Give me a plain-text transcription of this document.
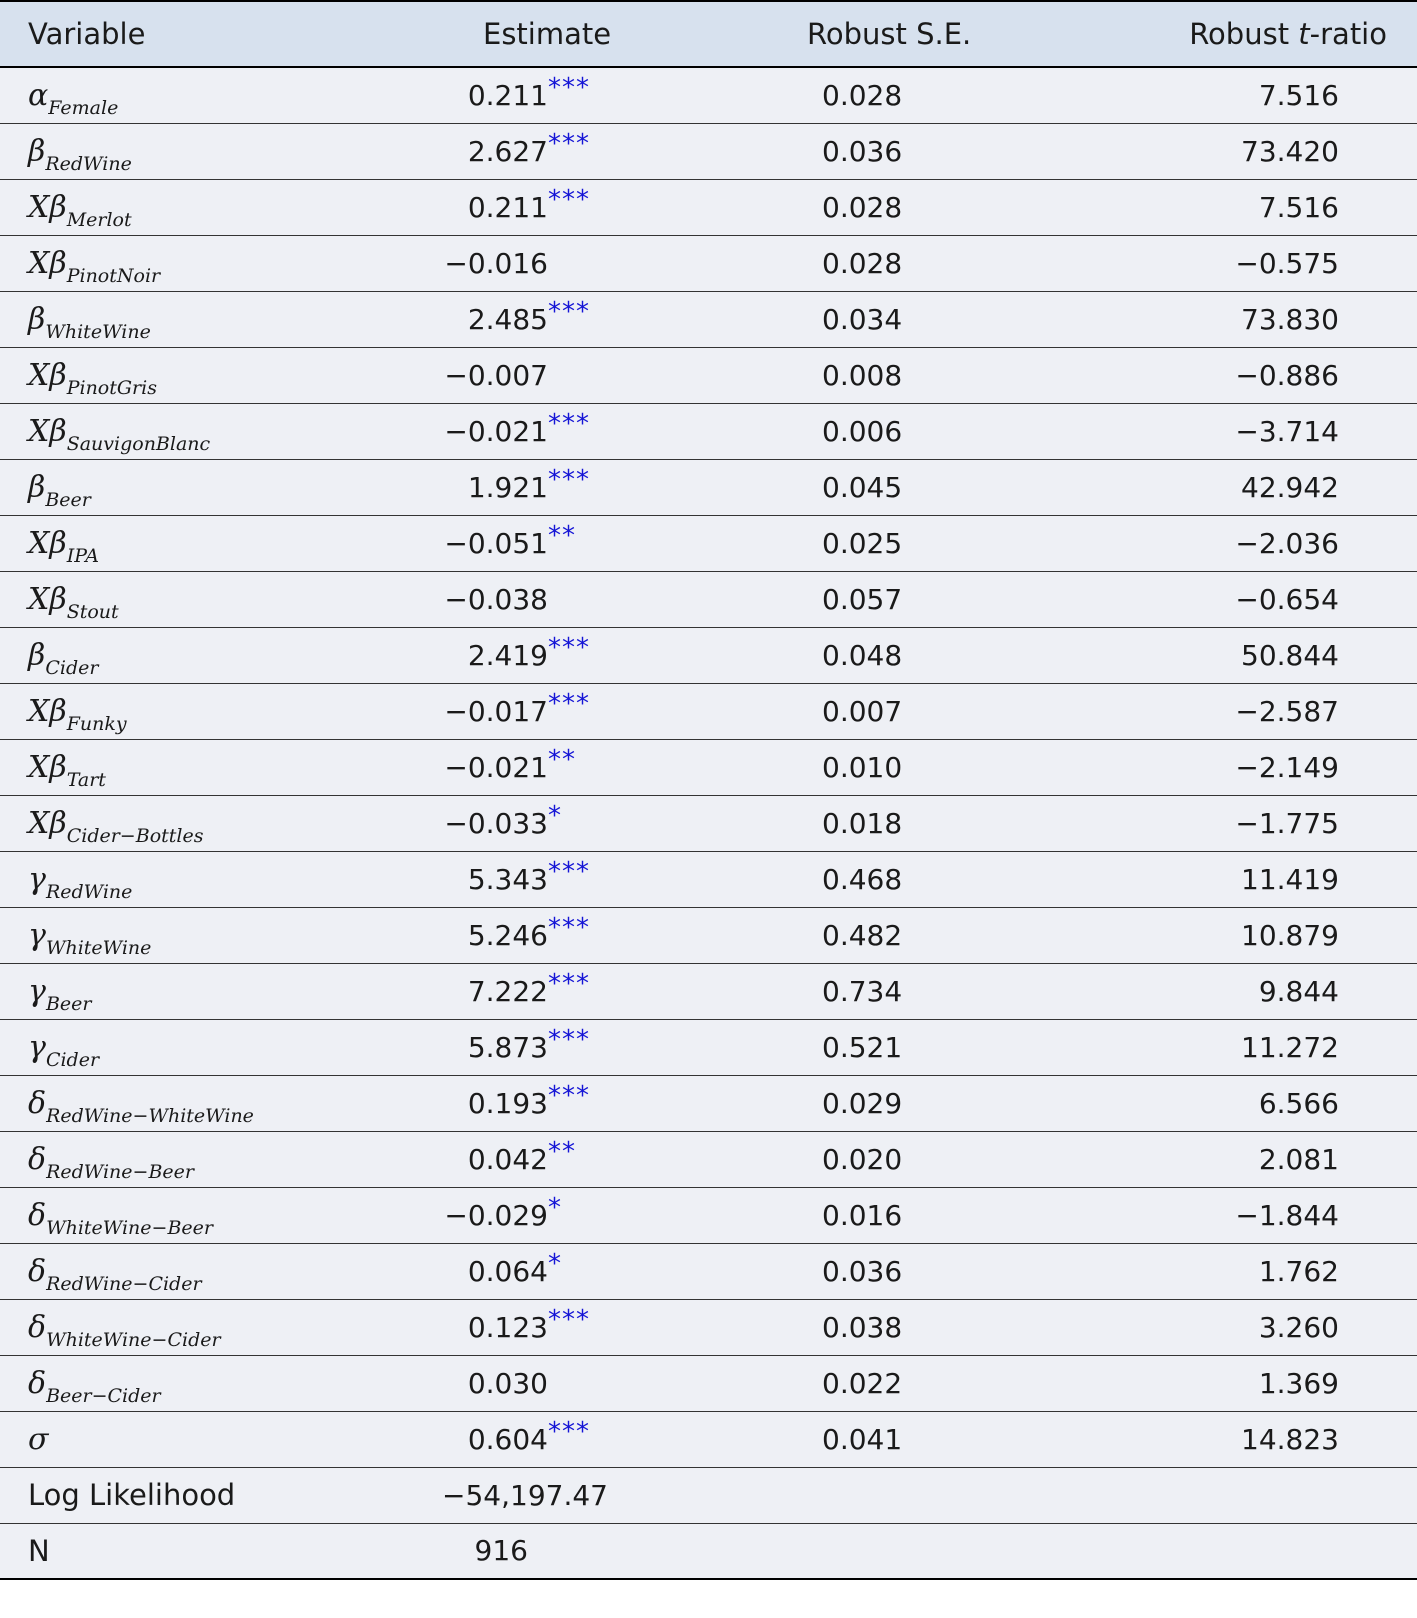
Variable	Estimate	Robust S.E.	Robust t-ratio
$\alpha_{Female}$	0.211***	0.028	7.516
$\beta_{RedWine}$	2.627***	0.036	73.420
$X\beta_{Merlot}$	0.211***	0.028	7.516
$X\beta_{PinotNoir}$	−0.016	0.028	−0.575
$\beta_{WhiteWine}$	2.485***	0.034	73.830
$X\beta_{PinotGris}$	−0.007	0.008	−0.886
$X\beta_{SauvigonBlanc}$	−0.021***	0.006	−3.714
$\beta_{Beer}$	1.921***	0.045	42.942
$X\beta_{IPA}$	−0.051**	0.025	−2.036
$X\beta_{Stout}$	−0.038	0.057	−0.654
$\beta_{Cider}$	2.419***	0.048	50.844
$X\beta_{Funky}$	−0.017***	0.007	−2.587
$X\beta_{Tart}$	−0.021**	0.010	−2.149
$X\beta_{Cider-Bottles}$	−0.033*	0.018	−1.775
$\gamma_{RedWine}$	5.343***	0.468	11.419
$\gamma_{WhiteWine}$	5.246***	0.482	10.879
$\gamma_{Beer}$	7.222***	0.734	9.844
$\gamma_{Cider}$	5.873***	0.521	11.272
$\delta_{RedWine-WhiteWine}$	0.193***	0.029	6.566
$\delta_{RedWine-Beer}$	0.042**	0.020	2.081
$\delta_{WhiteWine-Beer}$	−0.029*	0.016	−1.844
$\delta_{RedWine-Cider}$	0.064*	0.036	1.762
$\delta_{WhiteWine-Cider}$	0.123***	0.038	3.260
$\delta_{Beer-Cider}$	0.030	0.022	1.369
σ	0.604***	0.041	14.823
Log Likelihood	−54,197.47		
N	916		
